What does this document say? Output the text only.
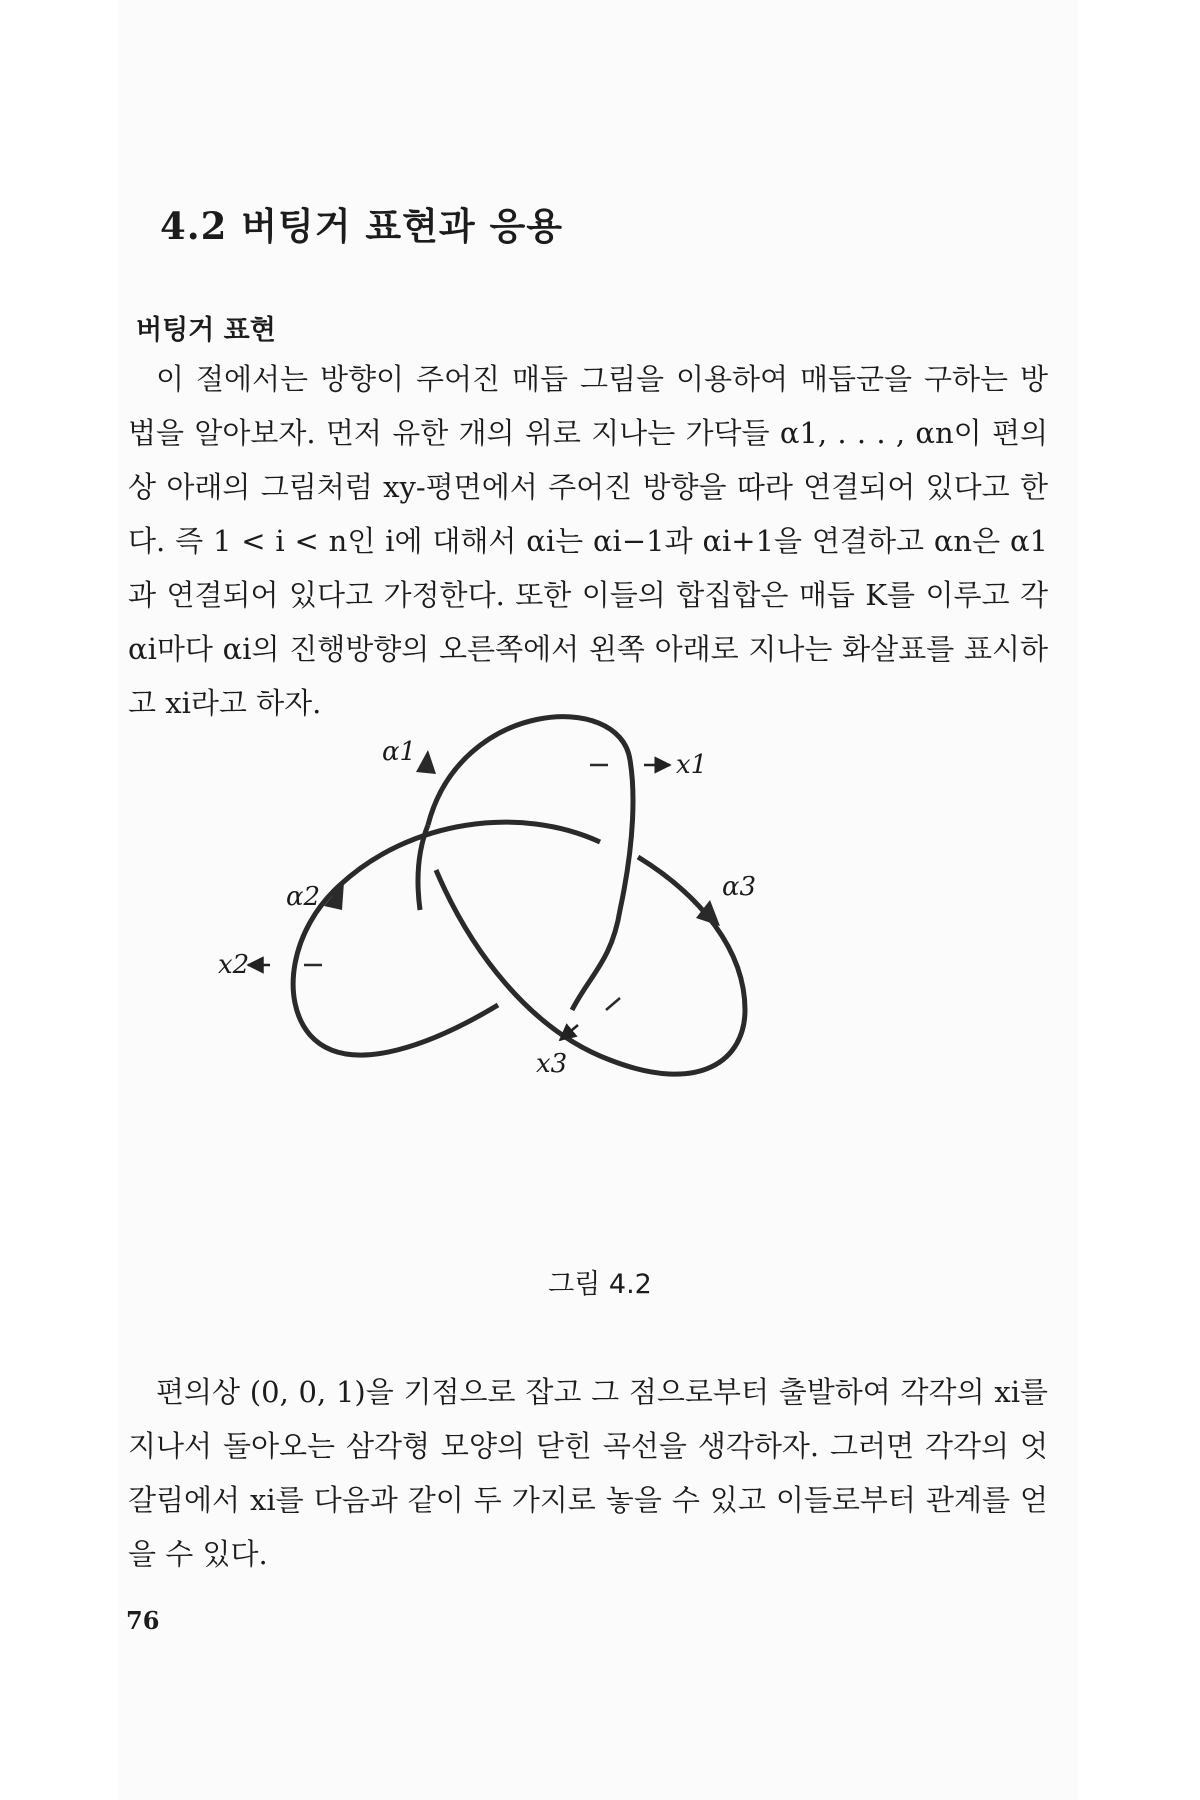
4.2 버팅거 표현과 응용
버팅거 표현

이 절에서는 방향이 주어진 매듭 그림을 이용하여 매듭군을 구하는 방법을 알아보자. 먼저 유한 개의 위로 지나는 가닥들 α1, . . . , αn이 편의상 아래의 그림처럼 xy-평면에서 주어진 방향을 따라 연결되어 있다고 한다. 즉 1 < i < n인 i에 대해서 αi는 αi−1과 αi+1을 연결하고 αn은 α1과 연결되어 있다고 가정한다. 또한 이들의 합집합은 매듭 K를 이루고 각 αi마다 αi의 진행방향의 오른쪽에서 왼쪽 아래로 지나는 화살표를 표시하고 xi라고 하자.

α1
α2	α3
x1
x2
x3
그림 4.2

편의상 (0, 0, 1)을 기점으로 잡고 그 점으로부터 출발하여 각각의 xi를 지나서 돌아오는 삼각형 모양의 닫힌 곡선을 생각하자. 그러면 각각의 엇갈림에서 xi를 다음과 같이 두 가지로 놓을 수 있고 이들로부터 관계를 얻을 수 있다.

76
